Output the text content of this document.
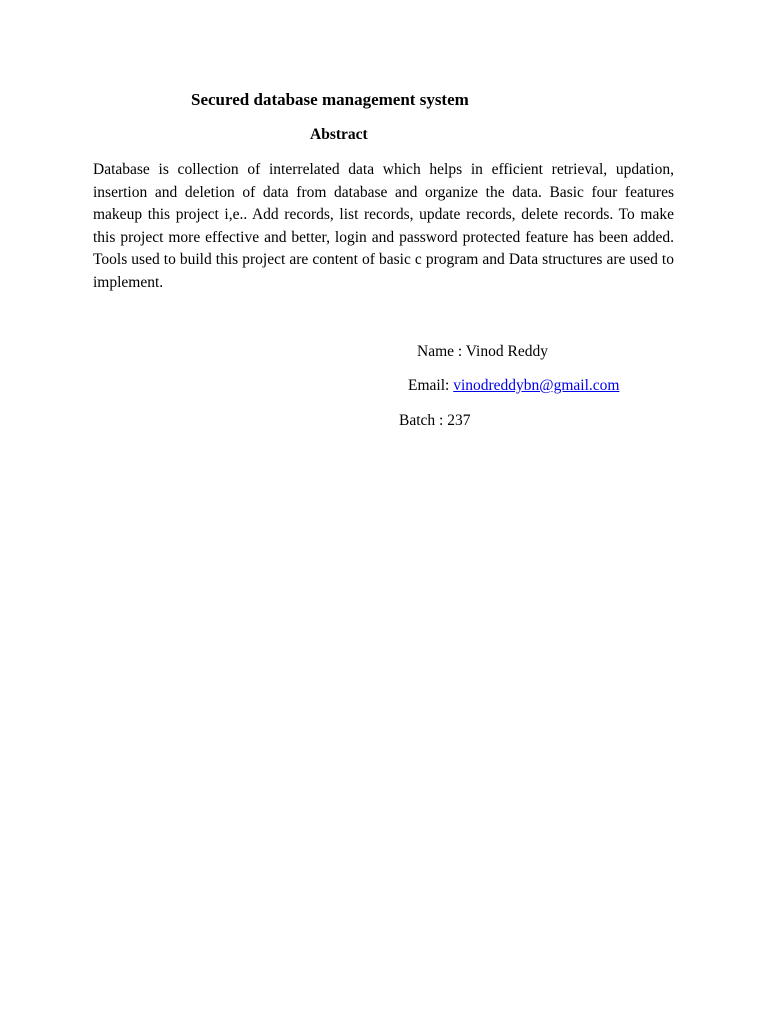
Secured database management system
Abstract

Database is collection of interrelated data which helps in efficient retrieval, updation, insertion and deletion of data from database and organize the data. Basic four features makeup this project i,e.. Add records, list records, update records, delete records. To make this project more effective and better, login and password protected feature has been added. Tools used to build this project are content of basic c program and Data structures are used to implement.

Name : Vinod Reddy

Email: vinodreddybn@gmail.com

Batch : 237
